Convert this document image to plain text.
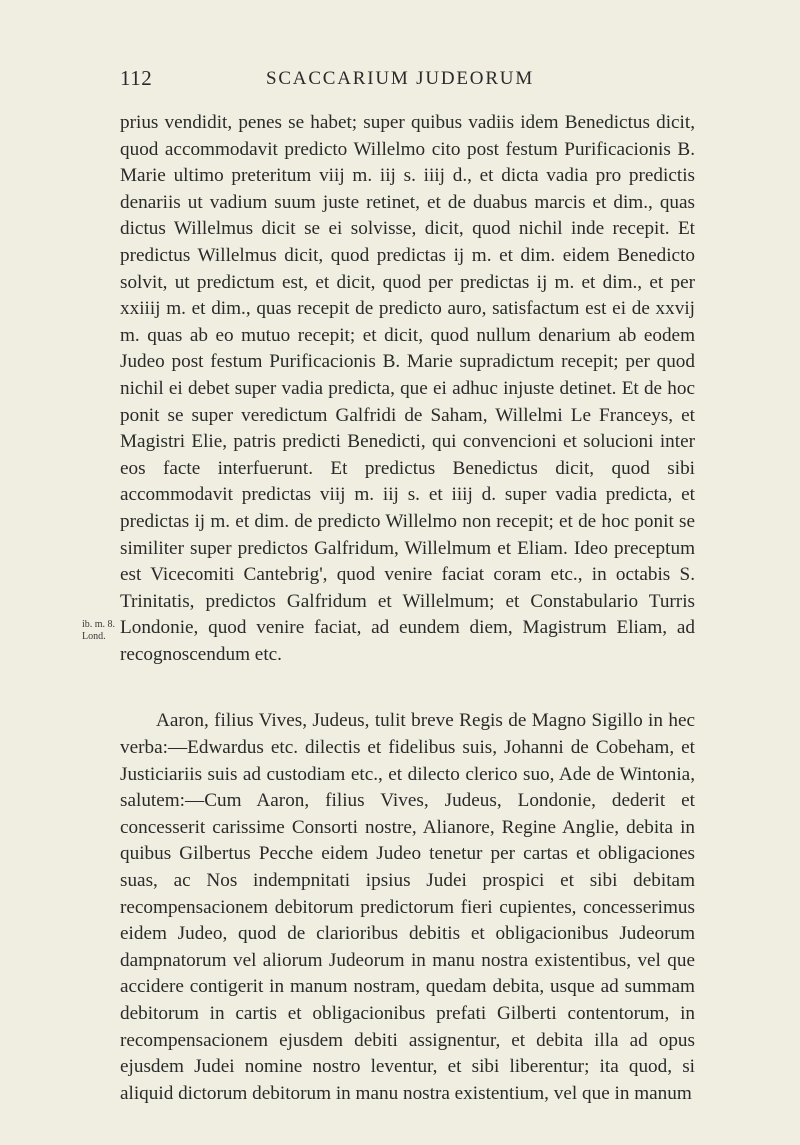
112	SCACCARIUM JUDEORUM
ib. m. 8.
Lond.

prius vendidit, penes se habet; super quibus vadiis idem Benedictus dicit, quod accommodavit predicto Willelmo cito post festum Purificacionis B. Marie ultimo preteritum viij m. iij s. iiij d., et dicta vadia pro predictis denariis ut vadium suum juste retinet, et de duabus marcis et dim., quas dictus Willelmus dicit se ei solvisse, dicit, quod nichil inde recepit. Et predictus Willelmus dicit, quod predictas ij m. et dim. eidem Benedicto solvit, ut predictum est, et dicit, quod per predictas ij m. et dim., et per xxiiij m. et dim., quas recepit de predicto auro, satisfactum est ei de xxvij m. quas ab eo mutuo recepit; et dicit, quod nullum denarium ab eodem Judeo post festum Purificacionis B. Marie supradictum recepit; per quod nichil ei debet super vadia predicta, que ei adhuc injuste detinet. Et de hoc ponit se super veredictum Galfridi de Saham, Willelmi Le Franceys, et Magistri Elie, patris predicti Benedicti, qui convencioni et solucioni inter eos facte interfuerunt. Et predictus Benedictus dicit, quod sibi accommodavit predictas viij m. iij s. et iiij d. super vadia predicta, et predictas ij m. et dim. de predicto Willelmo non recepit; et de hoc ponit se similiter super predictos Galfridum, Willelmum et Eliam. Ideo preceptum est Vicecomiti Cantebrig', quod venire faciat coram etc., in octabis S. Trinitatis, predictos Galfridum et Willelmum; et Constabulario Turris Londonie, quod venire faciat, ad eundem diem, Magistrum Eliam, ad recognoscendum etc.

Aaron, filius Vives, Judeus, tulit breve Regis de Magno Sigillo in hec verba:—Edwardus etc. dilectis et fidelibus suis, Johanni de Cobeham, et Justiciariis suis ad custodiam etc., et dilecto clerico suo, Ade de Wintonia, salutem:—Cum Aaron, filius Vives, Judeus, Londonie, dederit et concesserit carissime Consorti nostre, Alianore, Regine Anglie, debita in quibus Gilbertus Pecche eidem Judeo tenetur per cartas et obligaciones suas, ac Nos indempnitati ipsius Judei prospici et sibi debitam recompensacionem debitorum predictorum fieri cupientes, concesserimus eidem Judeo, quod de clarioribus debitis et obligacionibus Judeorum dampnatorum vel aliorum Judeorum in manu nostra existentibus, vel que accidere contigerit in manum nostram, quedam debita, usque ad summam debitorum in cartis et obligacionibus prefati Gilberti contentorum, in recompensacionem ejusdem debiti assignentur, et debita illa ad opus ejusdem Judei nomine nostro leventur, et sibi liberentur; ita quod, si aliquid dictorum debitorum in manu nostra existentium, vel que in manum
